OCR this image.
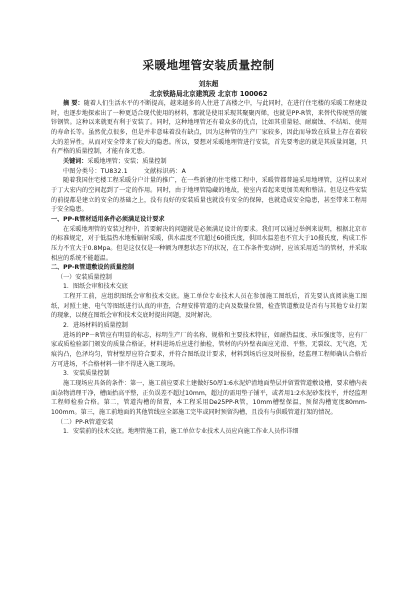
采暖地埋管安装质量控制
刘东超
北京铁路局北京建筑段 北京市 100062

摘 要：随着人们生活水平的不断提高，越来越多的人住进了高楼之中，与此同时，在进行住宅楼的采暖工程建设时，也逐步地探索出了一种更适合现代使用的材料，那就是使用采现其聚聚丙烯，也就是PP-R管，来替代传统型的镀锌钢管。这种以来就更有利于安装了。同时，这种地埋管还有着众多的优点，比如其重量轻、耐腐蚀、不结垢、使用的寿命长等。虽然优点很多，但是并非意味着没有缺点，因为这种管的生产厂家较多，因此而导致在质量上存在着较大的差异性，从而对安全带来了较大的隐患。所以，要想对采暖地埋管进行安装，首先要考虑的就是其质量问题，只有严格的质量控制，才能有备无患。

关键词：采暖地埋管；安装；质量控制

中图分类号：TU832.1	文献标识码：A

随着我国住宅楼工程采暖分户计量的推广，在一些新建的住宅楼工程中，采暖管都普遍采用地埋管，这样以来对于丁大宏内的空间起到了一定的作用。同时，由于地埋管隐藏的地故，使室内看起来更加美观和整洁。但是这些安装的前提都是建立的安全的基础之上，没有良好的安装质量也就没有安全的保障，也就造成安全隐患，甚至带来工程用于安全隐患。

一、PP-R管材适用条件必须满足设计要求

在采暖地埋管的安装过程中，首要解决的问题就是必须满足设计的要求。我们可以通过举例来说明，根据北京市的标准规定，对于低温热水地板辐射采暖，供水温度不宜超过60摄氏度，供回水温差也不宜大于10摄氏度，构成工作压力不宜大于0.8Mpa。但是这仅仅是一种额为理想状态下的状况，在工作条件变动时，应该采用适当的管材，并采取相应的系统不能超温。

二、PP-R管道敷设的质量控制

（一）安装质量控制

1．图纸会审和技术交底

工程开工前，应组织图纸会审和技术交底。施工单位专业技术人员在参加施工图纸后，首先要认真阅读施工图纸，对照土建、电气等图纸进行认真的审查，合理安排管道的走向及数量位置，检查管道敷设是否有与其他专业打架的现象，以便在图纸会审和技术交底时提出问题，及时解决。

2．进场材料的质量控制

进场的PP－R管应有明显的标志，标明生产厂的名称、规格和主要技术特征，如耐热温度、承压强度等，应有厂家或质检验部门颁发的质量合格证，材料进场后应进行抽检，管材的内外壁表面应光滑、平整，无裂纹、无气泡，无痕沟凸，色泽均匀，管材壁厚应符合要求，并符合图纸设计要求，材料到场后应及时报验，经监理工程师确认合格后方可进场，不合格材料一律不得进入施工现场。

3．安装质量控制

施工现场应具备的条件：第一，施工前应要求土建做好50厚1:6水泥炉渣地面垫层并留置管道敷设槽，要求槽内表面杂物清理干净，槽面抬高平整，正负误差不超过10mm，超过的需用垫子铺平，或者用1:2水泥砂浆找平，并经监理工程师检验合格。第二，管道沟槽的留置，本工程采用De25PP-R管，10mm槽壁保温，预留沟槽宽度80mm-100mm。第三，施工前地面的其他管线应全部施工完毕或同时预留沟槽，且没有与供暖管道打架的情况。

（二）PP-R管道安装

1．安装前的技术交底。地埋管施工前，施工单位专业技术人员应向施工作业人员作详细
